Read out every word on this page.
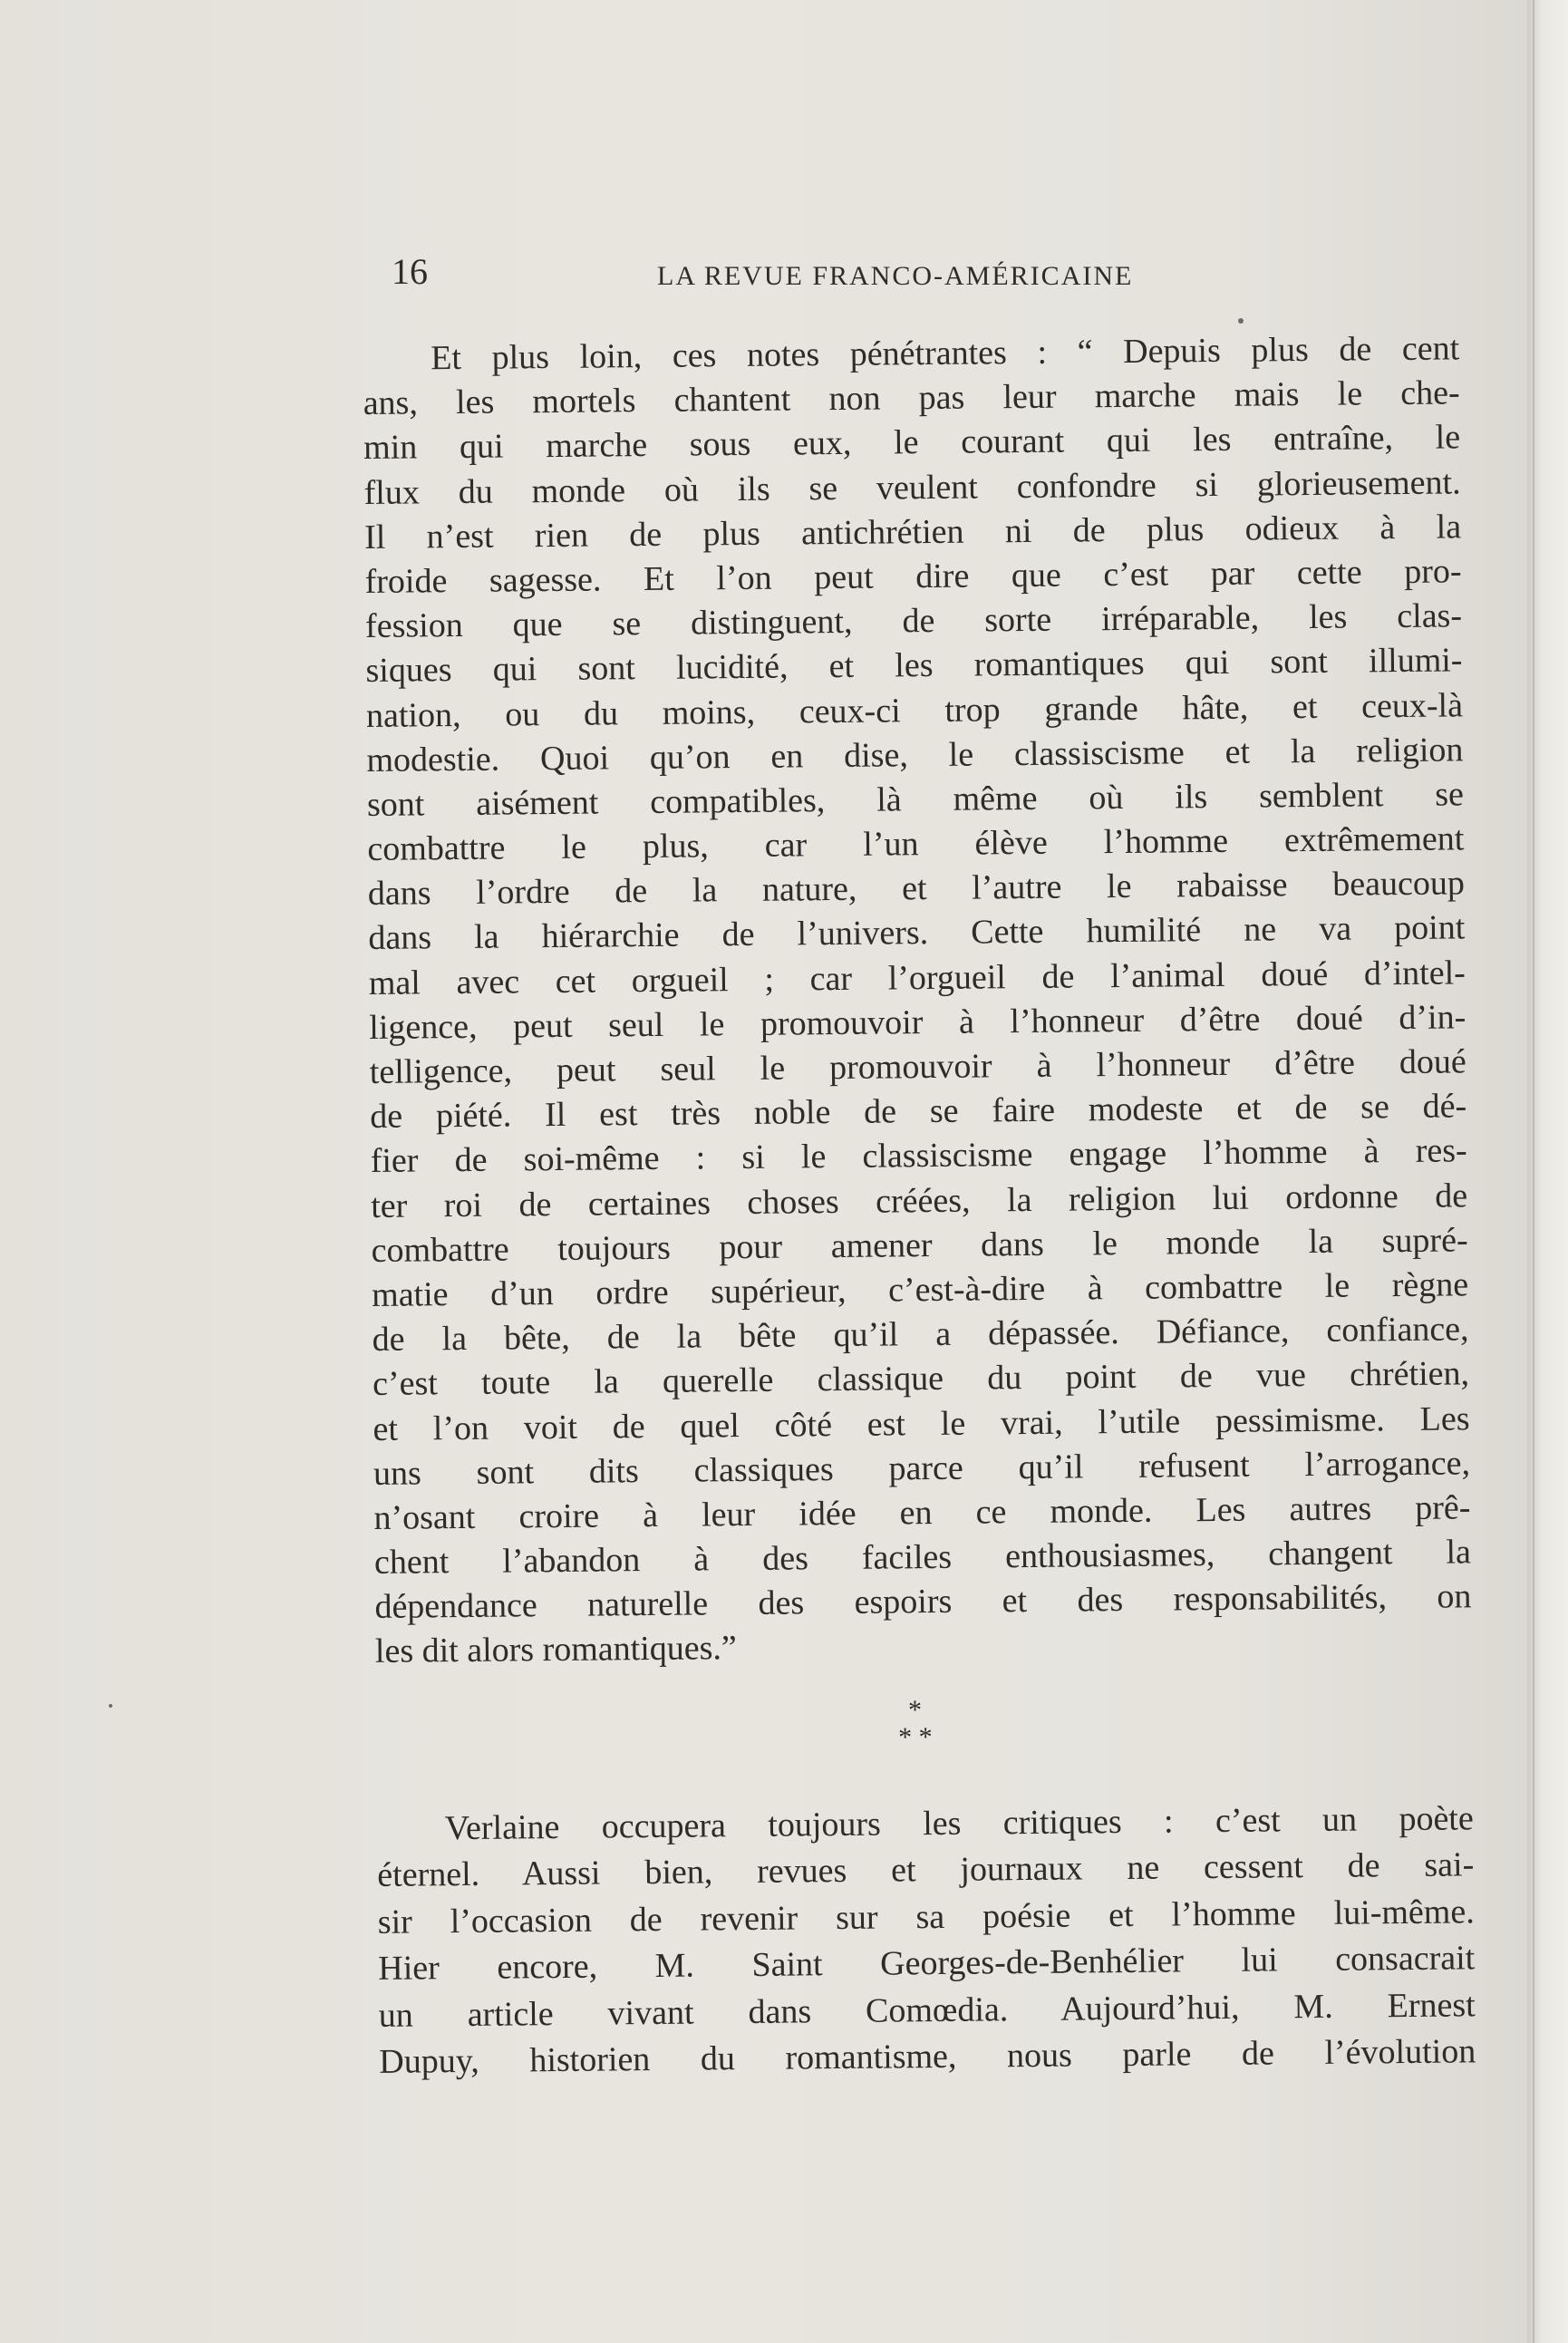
16	LA REVUE FRANCO-AMÉRICAINE
Et plus loin, ces notes pénétrantes : “ Depuis plus de cent
ans, les mortels chantent non pas leur marche mais le che-
min qui marche sous eux, le courant qui les entraîne, le
flux du monde où ils se veulent confondre si glorieusement.
Il n’est rien de plus antichrétien ni de plus odieux à la
froide sagesse. Et l’on peut dire que c’est par cette pro-
fession que se distinguent, de sorte irréparable, les clas-
siques qui sont lucidité, et les romantiques qui sont illumi-
nation, ou du moins, ceux-ci trop grande hâte, et ceux-là
modestie. Quoi qu’on en dise, le classiscisme et la religion
sont aisément compatibles, là même où ils semblent se
combattre le plus, car l’un élève l’homme extrêmement
dans l’ordre de la nature, et l’autre le rabaisse beaucoup
dans la hiérarchie de l’univers. Cette humilité ne va point
mal avec cet orgueil ; car l’orgueil de l’animal doué d’intel-
ligence, peut seul le promouvoir à l’honneur d’être doué d’in-
telligence, peut seul le promouvoir à l’honneur d’être doué
de piété. Il est très noble de se faire modeste et de se dé-
fier de soi-même : si le classiscisme engage l’homme à res-
ter roi de certaines choses créées, la religion lui ordonne de
combattre toujours pour amener dans le monde la supré-
matie d’un ordre supérieur, c’est-à-dire à combattre le règne
de la bête, de la bête qu’il a dépassée. Défiance, confiance,
c’est toute la querelle classique du point de vue chrétien,
et l’on voit de quel côté est le vrai, l’utile pessimisme. Les
uns sont dits classiques parce qu’il refusent l’arrogance,
n’osant croire à leur idée en ce monde. Les autres prê-
chent l’abandon à des faciles enthousiasmes, changent la
dépendance naturelle des espoirs et des responsabilités, on
les dit alors romantiques.”
*
* *
Verlaine occupera toujours les critiques : c’est un poète
éternel. Aussi bien, revues et journaux ne cessent de sai-
sir l’occasion de revenir sur sa poésie et l’homme lui-même.
Hier encore, M. Saint Georges-de-Benhélier lui consacrait
un article vivant dans Comœdia. Aujourd’hui, M. Ernest
Dupuy, historien du romantisme, nous parle de l’évolution
